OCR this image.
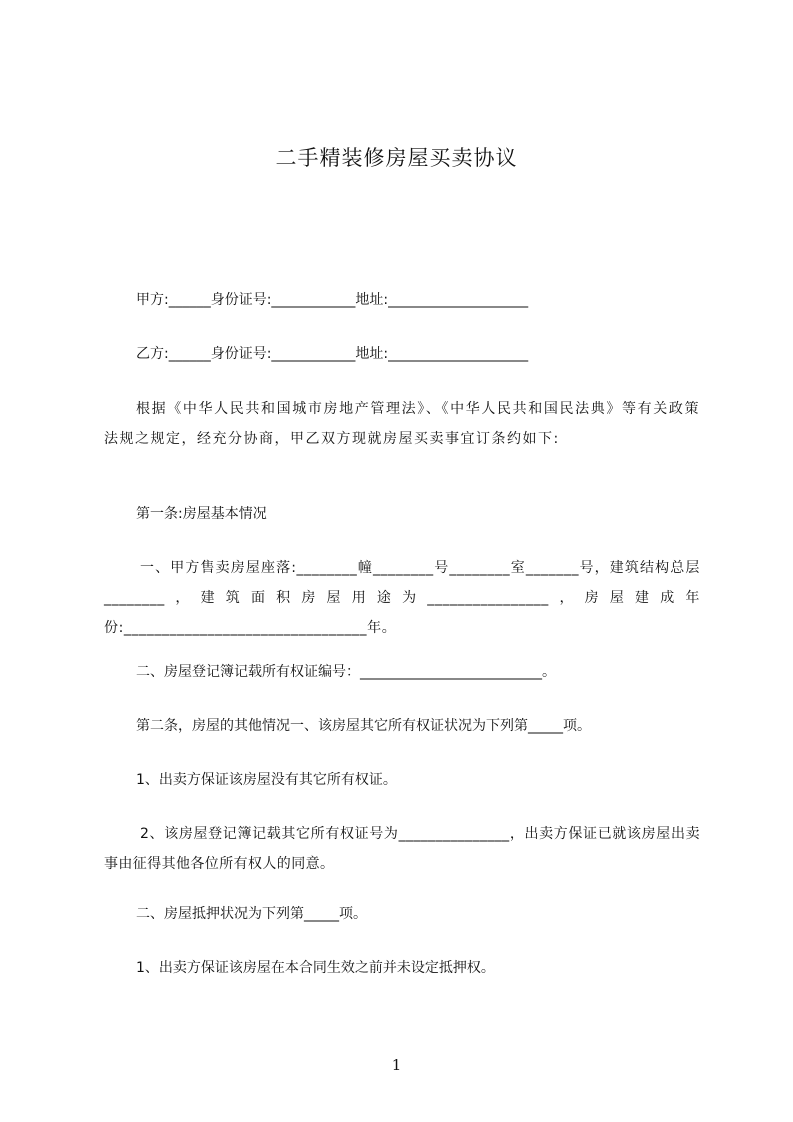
二手精装修房屋买卖协议
甲方:______身份证号:____________地址:____________________
乙方:______身份证号:____________地址:____________________
根据《中华人民共和国城市房地产管理法》、《中华人民共和国民法典》等有关政策法规之规定，经充分协商，甲乙双方现就房屋买卖事宜订条约如下:
第一条:房屋基本情况
一、甲方售卖房屋座落:________幢________号________室_______号，建筑结构总层________，建筑面积房屋用途为________________，房屋建成年份:________________________________年。
二、房屋登记簿记载所有权证编号：__________________________。
第二条，房屋的其他情况一、该房屋其它所有权证状况为下列第_____项。
1、出卖方保证该房屋没有其它所有权证。
2、该房屋登记簿记载其它所有权证号为_______________，出卖方保证已就该房屋出卖事由征得其他各位所有权人的同意。
二、房屋抵押状况为下列第_____项。
1、出卖方保证该房屋在本合同生效之前并未设定抵押权。
1
